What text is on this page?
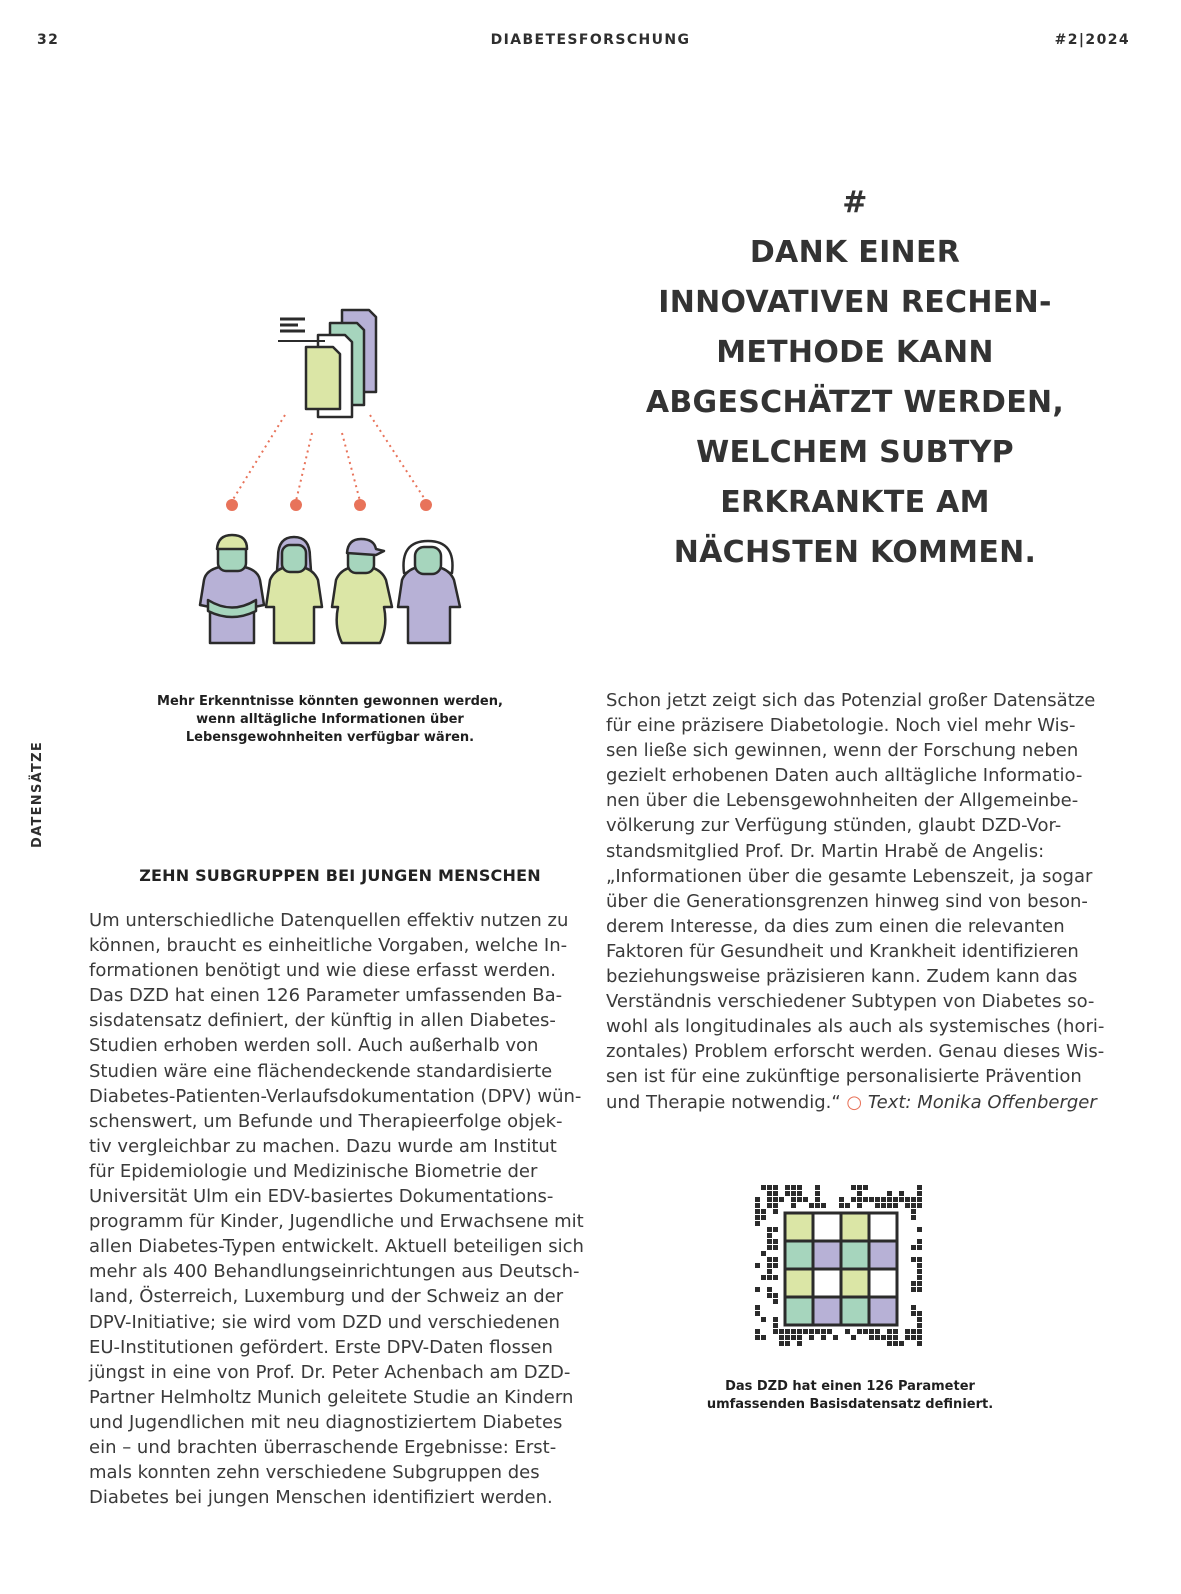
32	DIABETESFORSCHUNG	#2|2024
DATENSÄTZE
#
DANK EINER
INNOVATIVEN RECHEN-
METHODE KANN
ABGESCHÄTZT WERDEN,
WELCHEM SUBTYP
ERKRANKTE AM
NÄCHSTEN KOMMEN.
Mehr Erkenntnisse könnten gewonnen werden,
wenn alltägliche Informationen über
Lebensgewohnheiten verfügbar wären.
ZEHN SUBGRUPPEN BEI JUNGEN MENSCHEN
Um unterschiedliche Datenquellen effektiv nutzen zu
können, braucht es einheitliche Vorgaben, welche In-
formationen benötigt und wie diese erfasst werden.
Das DZD hat einen 126 Parameter umfassenden Ba-
sisdatensatz definiert, der künftig in allen Diabetes-
Studien erhoben werden soll. Auch außerhalb von
Studien wäre eine flächendeckende standardisierte
Diabetes-Patienten-Verlaufsdokumentation (DPV) wün-
schenswert, um Befunde und Therapieerfolge objek-
tiv vergleichbar zu machen. Dazu wurde am Institut
für Epidemiologie und Medizinische Biometrie der
Universität Ulm ein EDV-basiertes Dokumentations-
programm für Kinder, Jugendliche und Erwachsene mit
allen Diabetes-Typen entwickelt. Aktuell beteiligen sich
mehr als 400 Behandlungseinrichtungen aus Deutsch-
land, Österreich, Luxemburg und der Schweiz an der
DPV-Initiative; sie wird vom DZD und verschiedenen
EU-Institutionen gefördert. Erste DPV-Daten flossen
jüngst in eine von Prof. Dr. Peter Achenbach am DZD-
Partner Helmholtz Munich geleitete Studie an Kindern
und Jugendlichen mit neu diagnostiziertem Diabetes
ein – und brachten überraschende Ergebnisse: Erst-
mals konnten zehn verschiedene Subgruppen des
Diabetes bei jungen Menschen identifiziert werden.
Schon jetzt zeigt sich das Potenzial großer Datensätze
für eine präzisere Diabetologie. Noch viel mehr Wis-
sen ließe sich gewinnen, wenn der Forschung neben
gezielt erhobenen Daten auch alltägliche Informatio-
nen über die Lebensgewohnheiten der Allgemeinbe-
völkerung zur Verfügung stünden, glaubt DZD-Vor-
standsmitglied Prof. Dr. Martin Hrabě de Angelis:
„Informationen über die gesamte Lebenszeit, ja sogar
über die Generationsgrenzen hinweg sind von beson-
derem Interesse, da dies zum einen die relevanten
Faktoren für Gesundheit und Krankheit identifizieren
beziehungsweise präzisieren kann. Zudem kann das
Verständnis verschiedener Subtypen von Diabetes so-
wohl als longitudinales als auch als systemisches (hori-
zontales) Problem erforscht werden. Genau dieses Wis-
sen ist für eine zukünftige personalisierte Prävention
und Therapie notwendig.“ ○ Text: Monika Offenberger
Das DZD hat einen 126 Parameter
umfassenden Basisdatensatz definiert.
